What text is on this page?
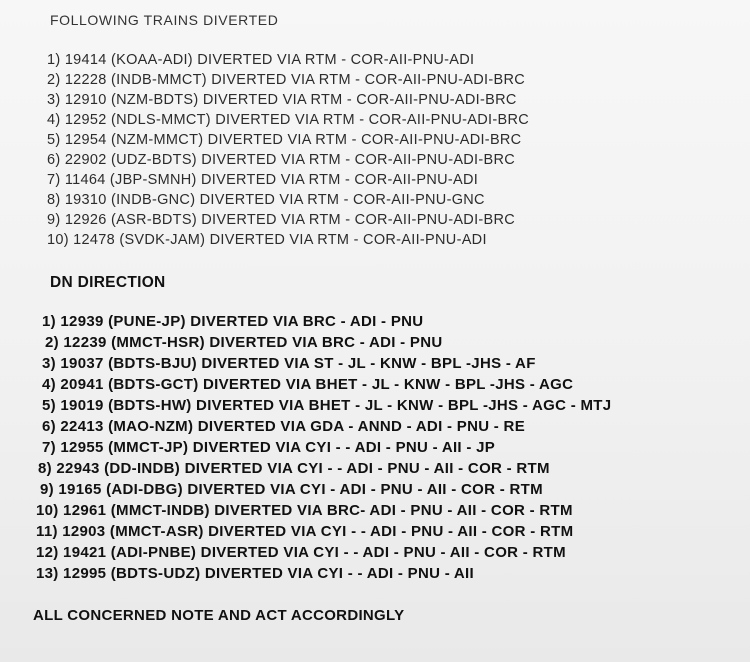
FOLLOWING TRAINS DIVERTED
1) 19414 (KOAA-ADI) DIVERTED VIA RTM - COR-AII-PNU-ADI
2) 12228 (INDB-MMCT) DIVERTED VIA RTM - COR-AII-PNU-ADI-BRC
3) 12910 (NZM-BDTS) DIVERTED VIA RTM - COR-AII-PNU-ADI-BRC
4) 12952 (NDLS-MMCT) DIVERTED VIA RTM - COR-AII-PNU-ADI-BRC
5) 12954 (NZM-MMCT) DIVERTED VIA RTM - COR-AII-PNU-ADI-BRC
6) 22902 (UDZ-BDTS) DIVERTED VIA RTM - COR-AII-PNU-ADI-BRC
7) 11464 (JBP-SMNH) DIVERTED VIA RTM - COR-AII-PNU-ADI
8) 19310 (INDB-GNC) DIVERTED VIA RTM - COR-AII-PNU-GNC
9) 12926 (ASR-BDTS) DIVERTED VIA RTM - COR-AII-PNU-ADI-BRC
10) 12478 (SVDK-JAM) DIVERTED VIA RTM - COR-AII-PNU-ADI
DN DIRECTION
1) 12939 (PUNE-JP) DIVERTED VIA BRC - ADI - PNU
2) 12239 (MMCT-HSR) DIVERTED VIA BRC - ADI - PNU
3) 19037 (BDTS-BJU) DIVERTED VIA ST - JL - KNW - BPL -JHS - AF
4) 20941 (BDTS-GCT) DIVERTED VIA BHET - JL - KNW - BPL -JHS - AGC
5) 19019 (BDTS-HW) DIVERTED VIA BHET - JL - KNW - BPL -JHS - AGC - MTJ
6) 22413 (MAO-NZM) DIVERTED VIA GDA - ANND - ADI - PNU - RE
7) 12955 (MMCT-JP) DIVERTED VIA CYI - - ADI - PNU - AII - JP
8) 22943 (DD-INDB) DIVERTED VIA CYI - - ADI - PNU - AII - COR - RTM
9) 19165 (ADI-DBG) DIVERTED VIA CYI - ADI - PNU - AII - COR - RTM
10) 12961 (MMCT-INDB) DIVERTED VIA BRC- ADI - PNU - AII - COR - RTM
11) 12903 (MMCT-ASR) DIVERTED VIA CYI - - ADI - PNU - AII - COR - RTM
12) 19421 (ADI-PNBE) DIVERTED VIA CYI - - ADI - PNU - AII - COR - RTM
13) 12995 (BDTS-UDZ) DIVERTED VIA CYI - - ADI - PNU - AII
ALL CONCERNED NOTE AND ACT ACCORDINGLY
